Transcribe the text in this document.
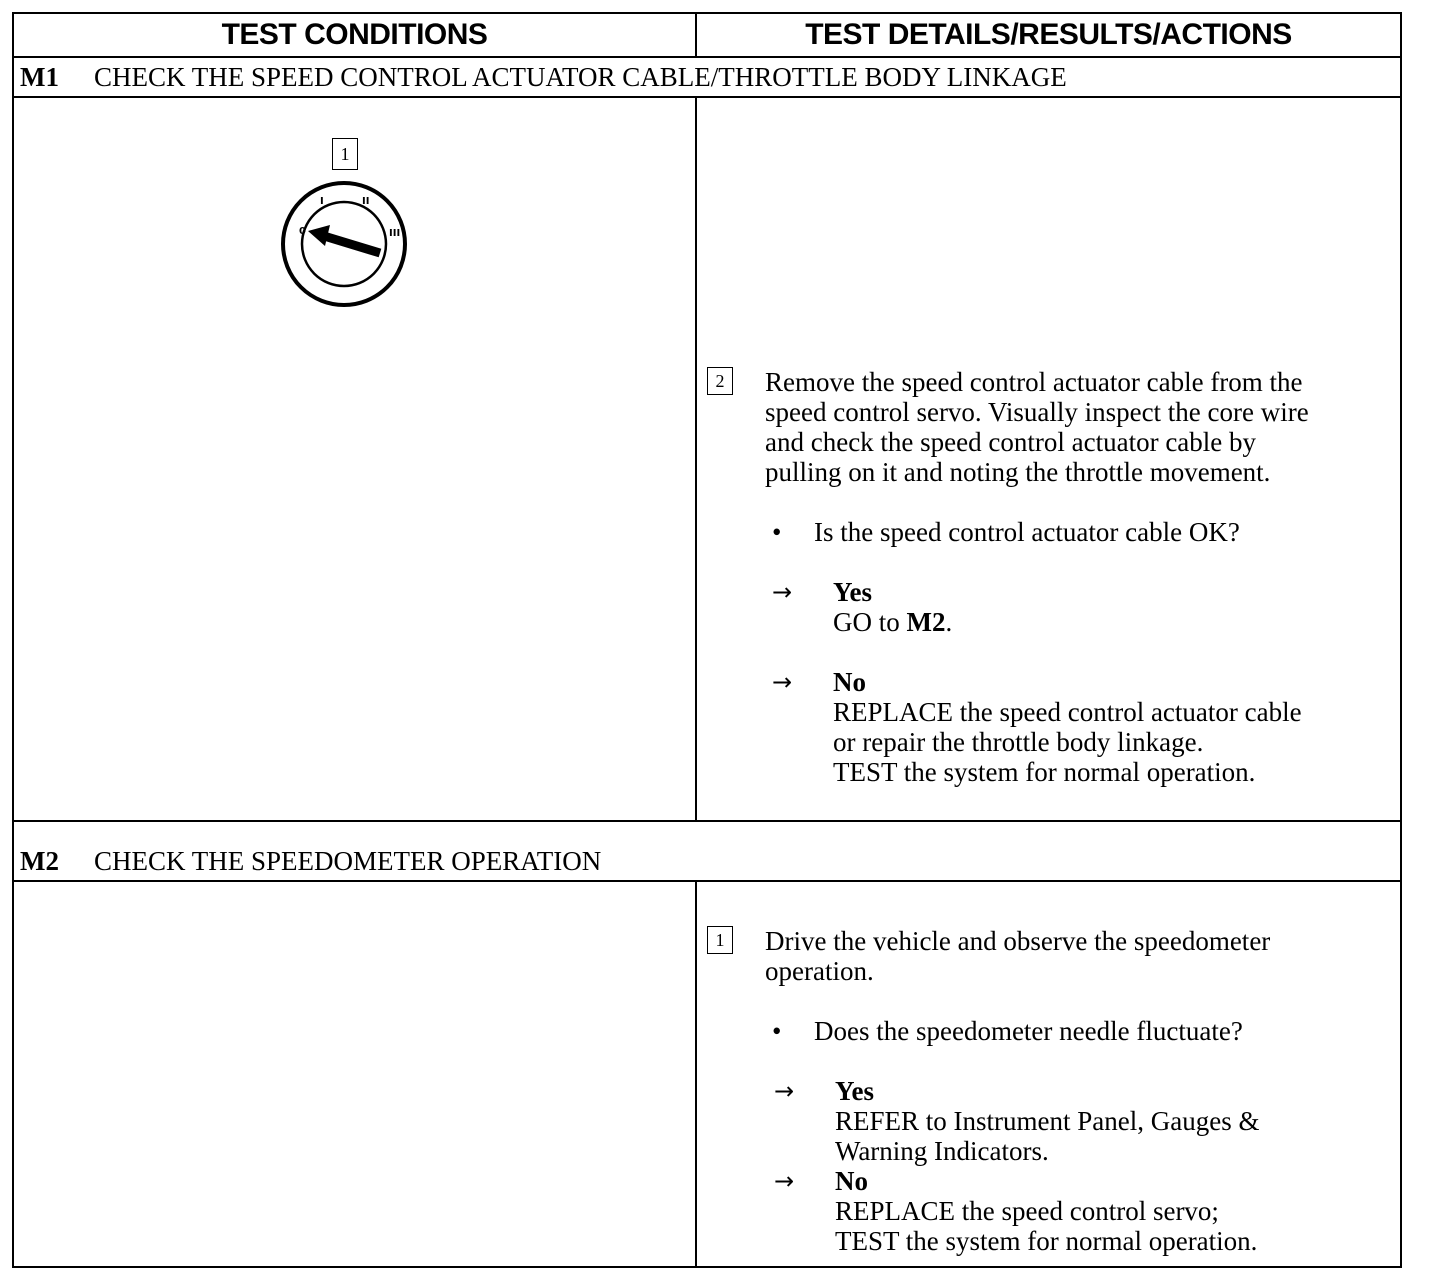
TEST CONDITIONS	TEST DETAILS/RESULTS/ACTIONS
M1	CHECK THE SPEED CONTROL ACTUATOR CABLE/THROTTLE BODY LINKAGE
1
0
I	II
III
2	Remove the speed control actuator cable from the
speed control servo. Visually inspect the core wire
and check the speed control actuator cable by
pulling on it and noting the throttle movement.
• Is the speed control actuator cable OK?
→ Yes
GO to M2.
→ No
REPLACE the speed control actuator cable
or repair the throttle body linkage.
TEST the system for normal operation.
M2	CHECK THE SPEEDOMETER OPERATION
1	Drive the vehicle and observe the speedometer
operation.
• Does the speedometer needle fluctuate?
→ Yes
REFER to Instrument Panel, Gauges &
Warning Indicators.
→ No
REPLACE the speed control servo;
TEST the system for normal operation.
